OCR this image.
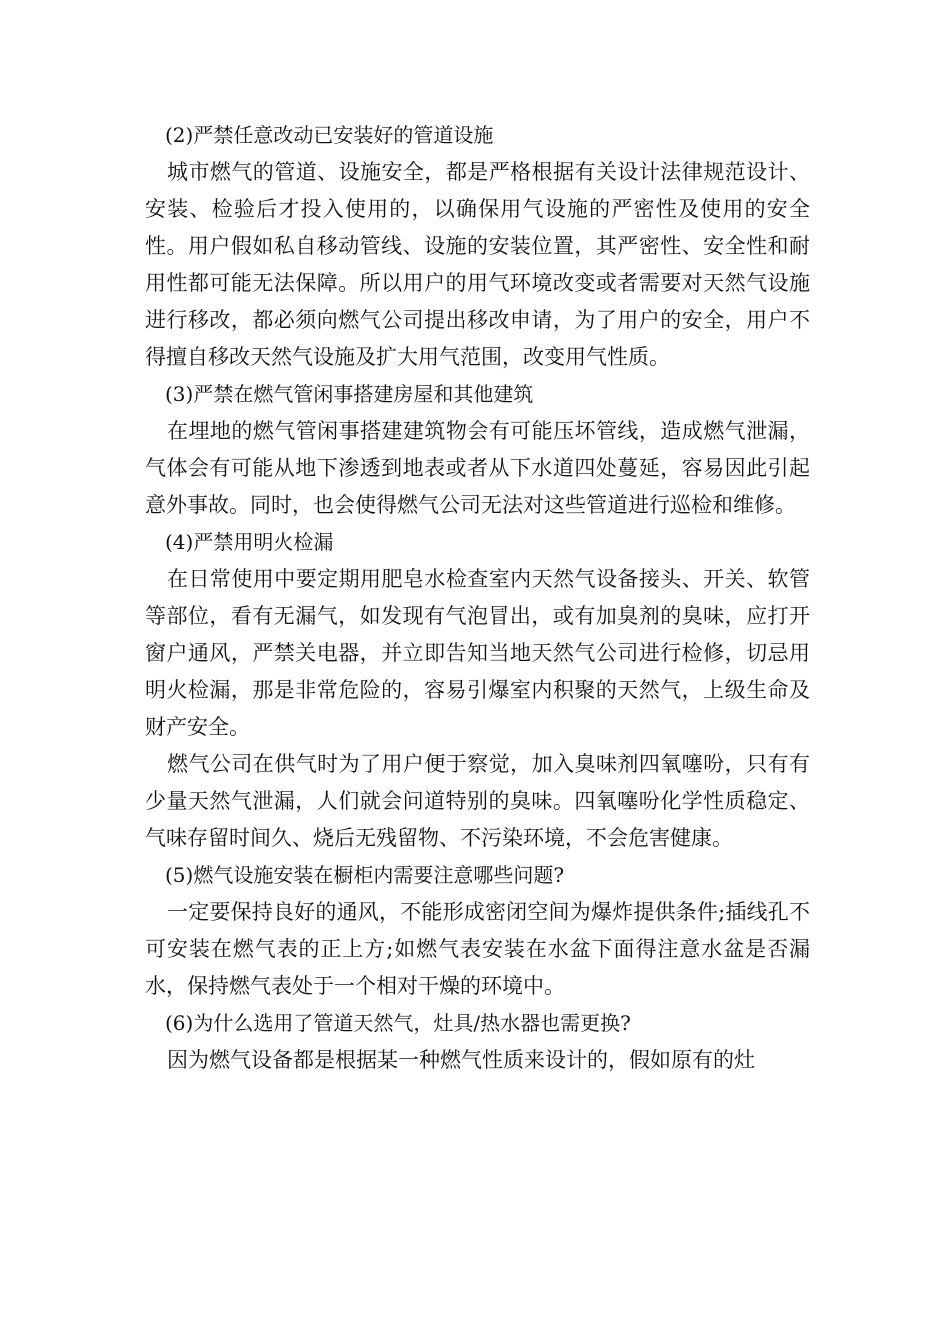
(2)严禁任意改动已安装好的管道设施

城市燃气的管道、设施安全，都是严格根据有关设计法律规范设计、安装、检验后才投入使用的，以确保用气设施的严密性及使用的安全性。用户假如私自移动管线、设施的安装位置，其严密性、安全性和耐用性都可能无法保障。所以用户的用气环境改变或者需要对天然气设施进行移改，都必须向燃气公司提出移改申请，为了用户的安全，用户不得擅自移改天然气设施及扩大用气范围，改变用气性质。

(3)严禁在燃气管闲事搭建房屋和其他建筑

在埋地的燃气管闲事搭建建筑物会有可能压坏管线，造成燃气泄漏，气体会有可能从地下渗透到地表或者从下水道四处蔓延，容易因此引起意外事故。同时，也会使得燃气公司无法对这些管道进行巡检和维修。

(4)严禁用明火检漏

在日常使用中要定期用肥皂水检查室内天然气设备接头、开关、软管等部位，看有无漏气，如发现有气泡冒出，或有加臭剂的臭味，应打开窗户通风，严禁关电器，并立即告知当地天然气公司进行检修，切忌用明火检漏，那是非常危险的，容易引爆室内积聚的天然气，上级生命及财产安全。

燃气公司在供气时为了用户便于察觉，加入臭味剂四氧噻吩，只有有少量天然气泄漏，人们就会问道特别的臭味。四氧噻吩化学性质稳定、气味存留时间久、烧后无残留物、不污染环境，不会危害健康。

(5)燃气设施安装在橱柜内需要注意哪些问题?

一定要保持良好的通风，不能形成密闭空间为爆炸提供条件;插线孔不可安装在燃气表的正上方;如燃气表安装在水盆下面得注意水盆是否漏水，保持燃气表处于一个相对干燥的环境中。

(6)为什么选用了管道天然气，灶具/热水器也需更换?

因为燃气设备都是根据某一种燃气性质来设计的，假如原有的灶
